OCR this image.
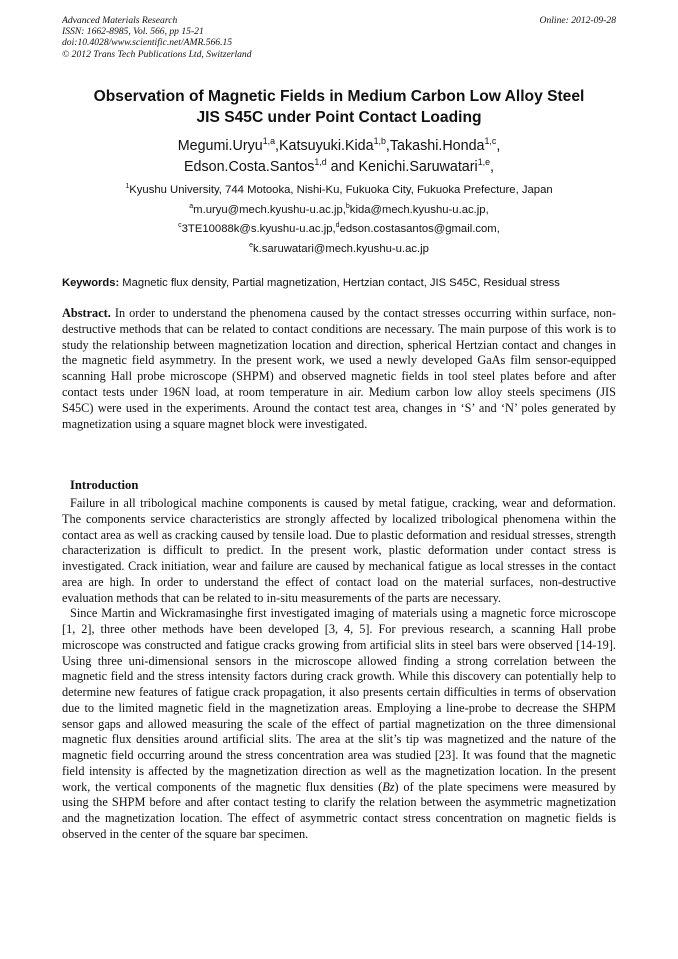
Advanced Materials Research
ISSN: 1662-8985, Vol. 566, pp 15-21
doi:10.4028/www.scientific.net/AMR.566.15
© 2012 Trans Tech Publications Ltd, Switzerland
Online: 2012-09-28
Observation of Magnetic Fields in Medium Carbon Low Alloy Steel
JIS S45C under Point Contact Loading
Megumi.Uryu$^{1,a}$,Katsuyuki.Kida$^{1,b}$,Takashi.Honda$^{1,c}$,
Edson.Costa.Santos$^{1,d}$ and Kenichi.Saruwatari$^{1,e}$,
$^1$Kyushu University, 744 Motooka, Nishi-Ku, Fukuoka City, Fukuoka Prefecture, Japan
$^a$m.uryu@mech.kyushu-u.ac.jp,$^b$kida@mech.kyushu-u.ac.jp,
$^c$3TE10088k@s.kyushu-u.ac.jp,$^d$edson.costasantos@gmail.com,
$^e$k.saruwatari@mech.kyushu-u.ac.jp
Keywords: Magnetic flux density, Partial magnetization, Hertzian contact, JIS S45C, Residual stress
Abstract. In order to understand the phenomena caused by the contact stresses occurring within surface, non-destructive methods that can be related to contact conditions are necessary. The main purpose of this work is to study the relationship between magnetization location and direction, spherical Hertzian contact and changes in the magnetic field asymmetry. In the present work, we used a newly developed GaAs film sensor-equipped scanning Hall probe microscope (SHPM) and observed magnetic fields in tool steel plates before and after contact tests under 196N load, at room temperature in air. Medium carbon low alloy steels specimens (JIS S45C) were used in the experiments. Around the contact test area, changes in ‘S’ and ‘N’ poles generated by magnetization using a square magnet block were investigated.
Introduction

Failure in all tribological machine components is caused by metal fatigue, cracking, wear and deformation. The components service characteristics are strongly affected by localized tribological phenomena within the contact area as well as cracking caused by tensile load. Due to plastic deformation and residual stresses, strength characterization is difficult to predict. In the present work, plastic deformation under contact stress is investigated. Crack initiation, wear and failure are caused by mechanical fatigue as local stresses in the contact area are high. In order to understand the effect of contact load on the material surfaces, non-destructive evaluation methods that can be related to in-situ measurements of the parts are necessary.

Since Martin and Wickramasinghe first investigated imaging of materials using a magnetic force microscope [1, 2], three other methods have been developed [3, 4, 5]. For previous research, a scanning Hall probe microscope was constructed and fatigue cracks growing from artificial slits in steel bars were observed [14-19]. Using three uni-dimensional sensors in the microscope allowed finding a strong correlation between the magnetic field and the stress intensity factors during crack growth. While this discovery can potentially help to determine new features of fatigue crack propagation, it also presents certain difficulties in terms of observation due to the limited magnetic field in the magnetization areas. Employing a line-probe to decrease the SHPM sensor gaps and allowed measuring the scale of the effect of partial magnetization on the three dimensional magnetic flux densities around artificial slits. The area at the slit’s tip was magnetized and the nature of the magnetic field occurring around the stress concentration area was studied [23]. It was found that the magnetic field intensity is affected by the magnetization direction as well as the magnetization location. In the present work, the vertical components of the magnetic flux densities (Bz) of the plate specimens were measured by using the SHPM before and after contact testing to clarify the relation between the asymmetric magnetization and the magnetization location. The effect of asymmetric contact stress concentration on magnetic fields is observed in the center of the square bar specimen.
